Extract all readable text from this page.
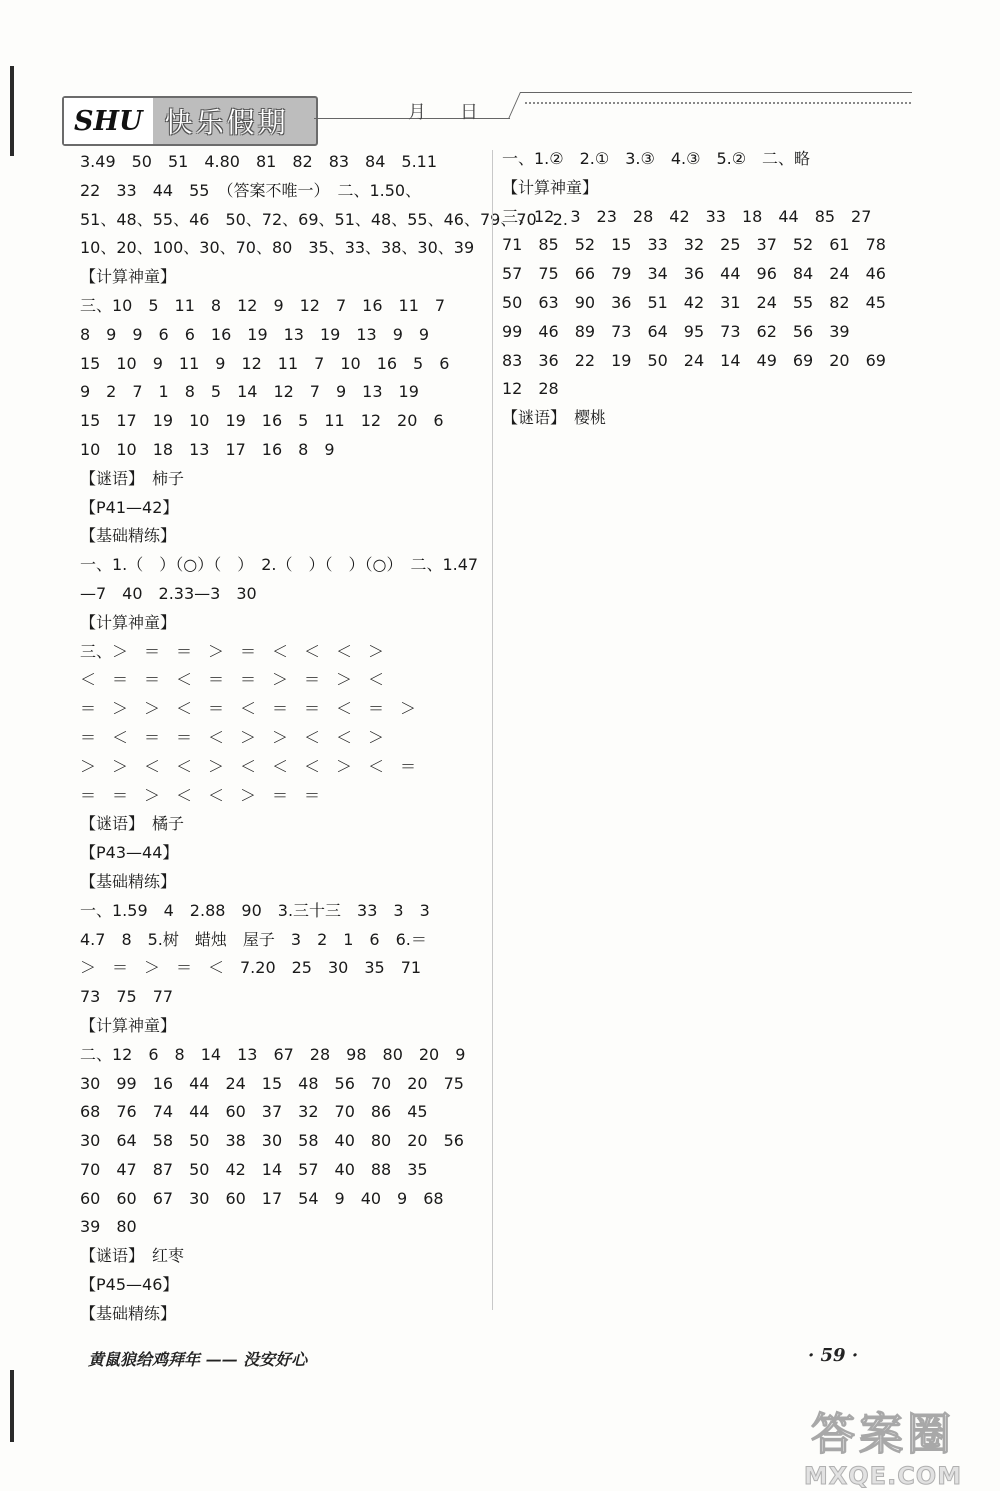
SHU 快乐假期	月 日
3.49　50　51　4.80　81　82　83　84　5.11
22　33　44　55　（答案不唯一）　二、1.50、
51、48、55、46　50、72、69、51、48、55、46、79、70　2.
10、20、100、30、70、80　35、33、38、30、39
【计算神童】
三、10　5　11　8　12　9　12　7　16　11　7
8　9　9　6　6　16　19　13　19　13　9　9
15　10　9　11　9　12　11　7　10　16　5　6
9　2　7　1　8　5　14　12　7　9　13　19
15　17　19　10　19　16　5　11　12　20　6
10　10　18　13　17　16　8　9
【谜语】　柿子
【P41—42】
【基础精练】
一、1.（　）（○）（　）　2.（　）（　）（○）　二、1.47
—7　40　2.33—3　30
【计算神童】
三、＞　＝　＝　＞　＝　＜　＜　＜　＞
＜　＝　＝　＜　＝　＝　＞　＝　＞　＜
＝　＞　＞　＜　＝　＜　＝　＝　＜　＝　＞
＝　＜　＝　＝　＜　＞　＞　＜　＜　＞
＞　＞　＜　＜　＞　＜　＜　＜　＞　＜　＝
＝　＝　＞　＜　＜　＞　＝　＝
【谜语】　橘子
【P43—44】
【基础精练】
一、1.59　4　2.88　90　3.三十三　33　3　3
4.7　8　5.树　蜡烛　屋子　3　2　1　6　6.＝
＞　＝　＞　＝　＜　7.20　25　30　35　71
73　75　77
【计算神童】
二、12　6　8　14　13　67　28　98　80　20　9
30　99　16　44　24　15　48　56　70　20　75
68　76　74　44　60　37　32　70　86　45
30　64　58　50　38　30　58　40　80　20　56
70　47　87　50　42　14　57　40　88　35
60　60　67　30　60　17　54　9　40　9　68
39　80
【谜语】　红枣
【P45—46】
【基础精练】
一、1.②　2.①　3.③　4.③　5.②　二、略
【计算神童】
三、12　3　23　28　42　33　18　44　85　27
71　85　52　15　33　32　25　37　52　61　78
57　75　66　79　34　36　44　96　84　24　46
50　63　90　36　51　42　31　24　55　82　45
99　46　89　73　64　95　73　62　56　39
83　36　22　19　50　24　14　49　69　20　69
12　28
【谜语】　樱桃
黄鼠狼给鸡拜年 —— 没安好心	· 59 ·
答案圈
MXQE.COM
